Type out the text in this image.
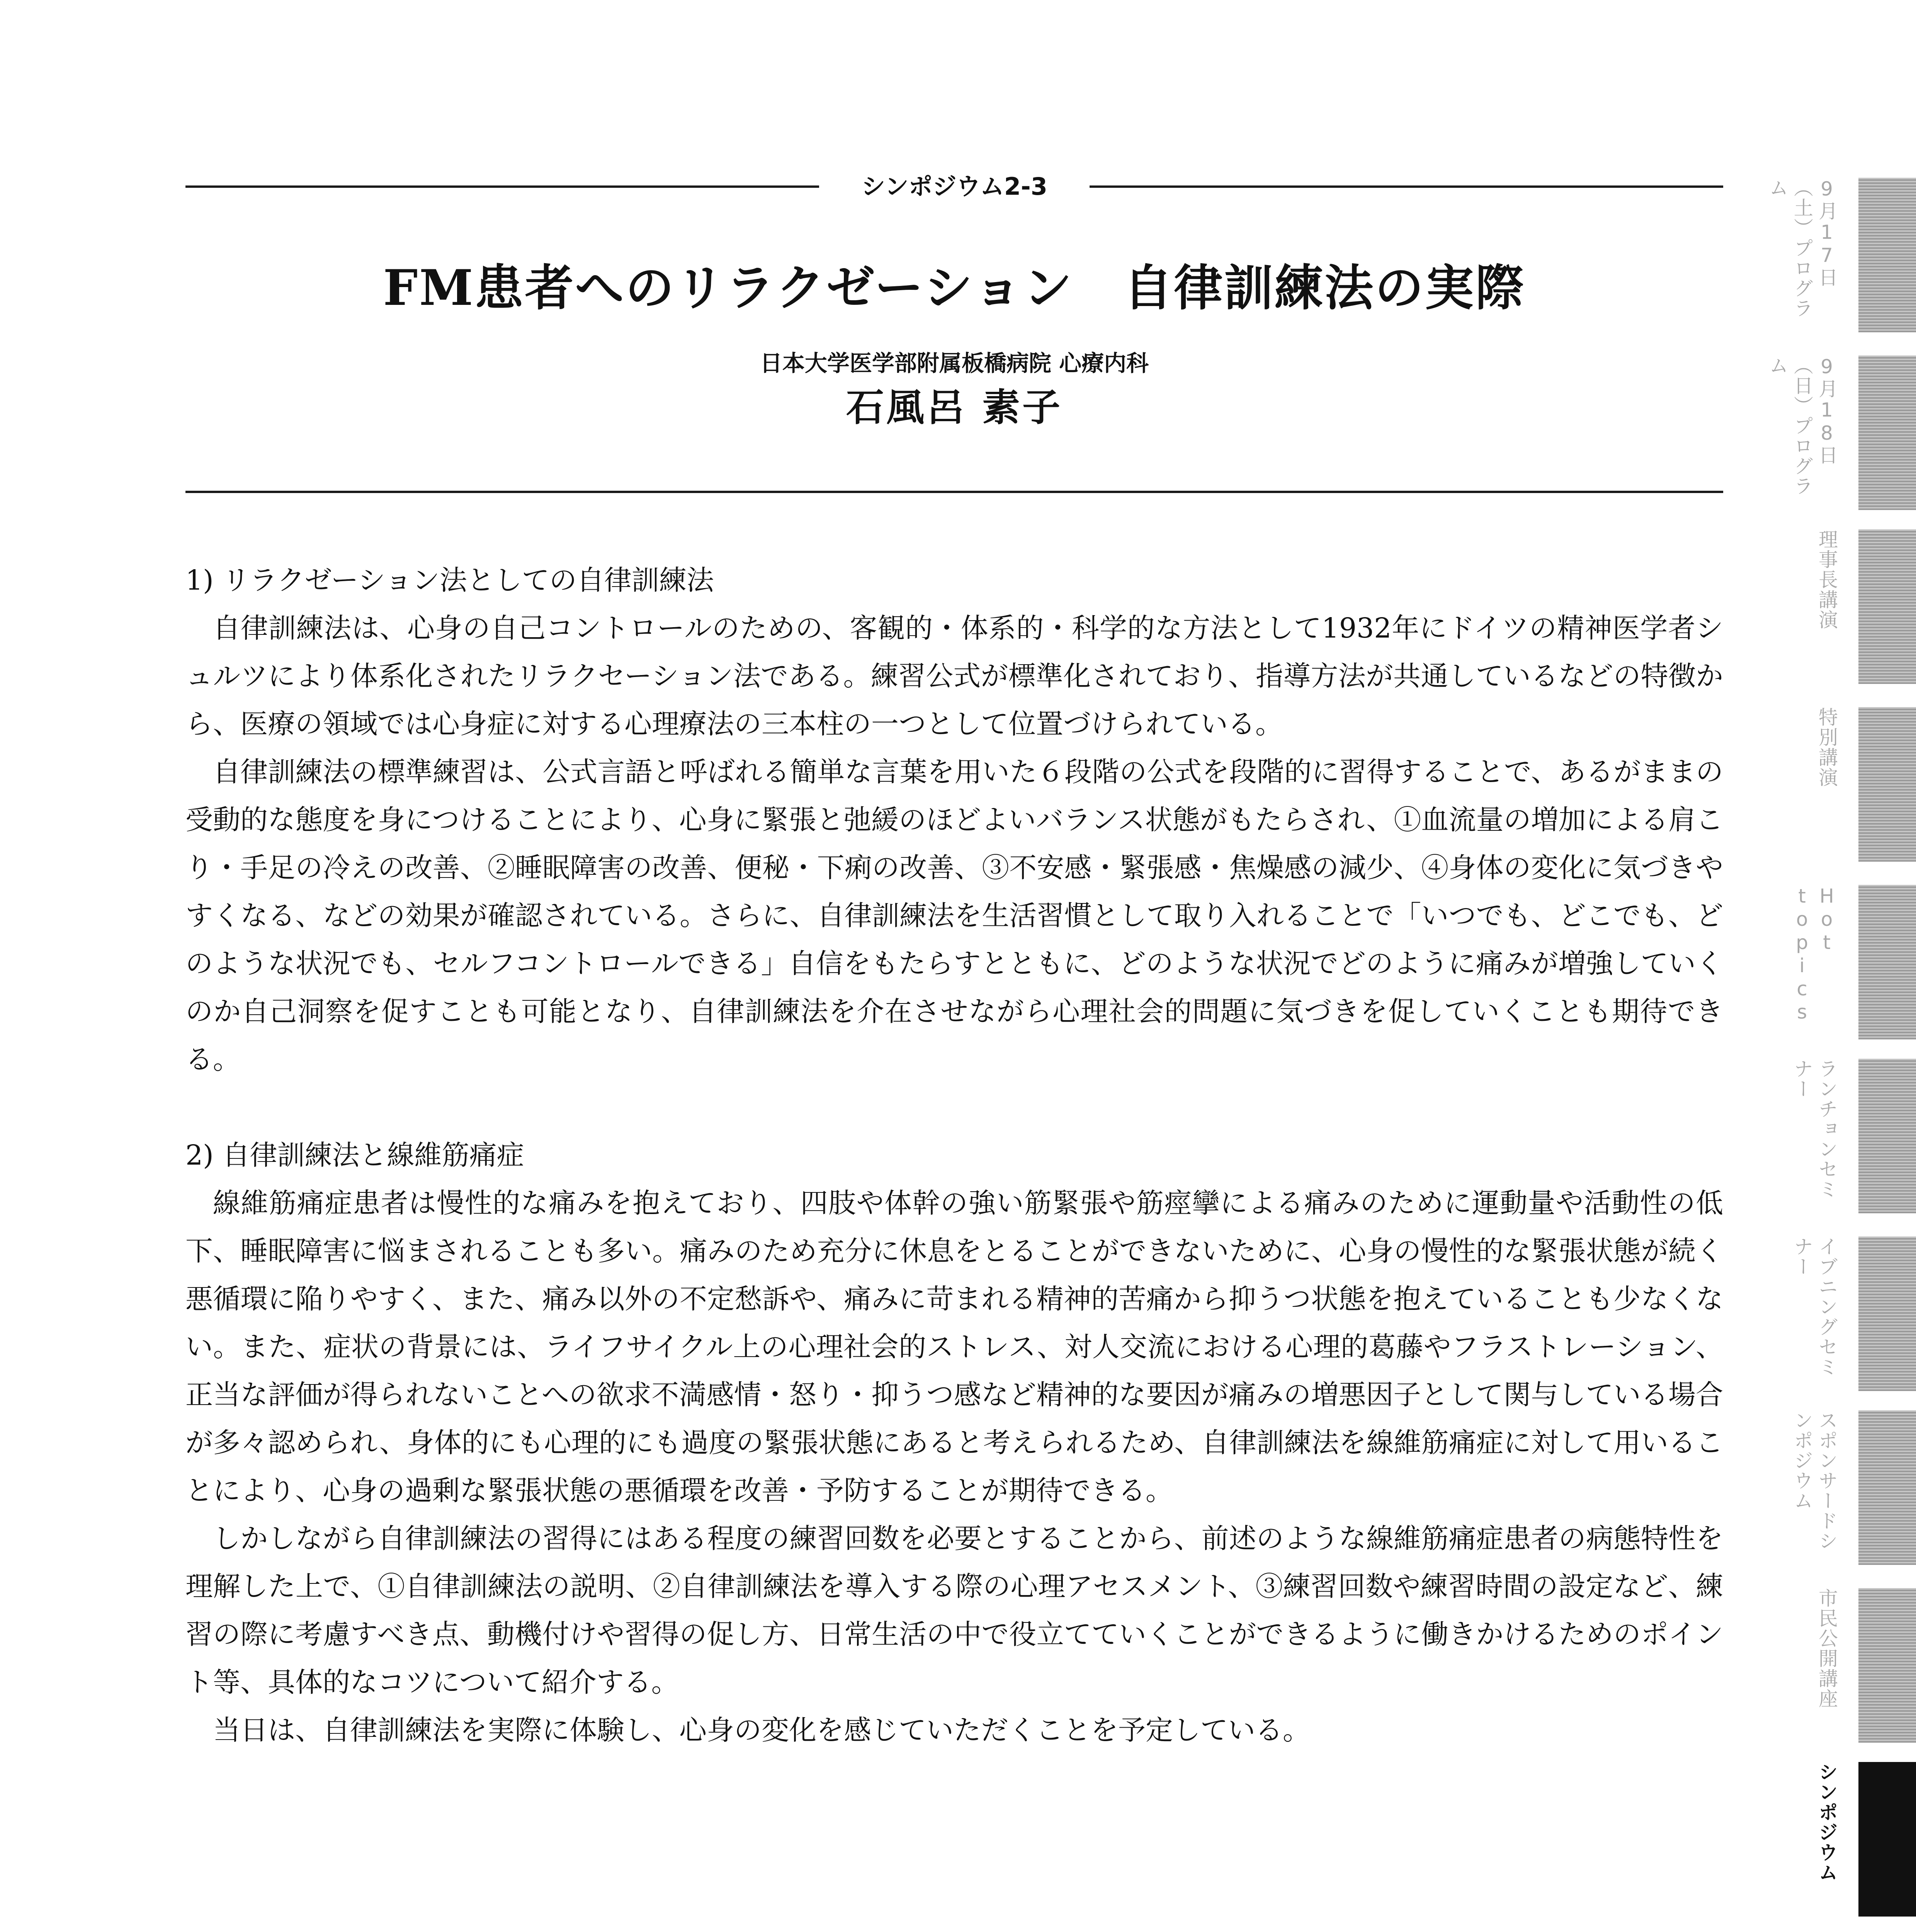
シンポジウム2-3
FM患者へのリラクゼーション　自律訓練法の実際
日本大学医学部附属板橋病院 心療内科
石風呂 素子
1) リラクゼーション法としての自律訓練法

自律訓練法は、心身の自己コントロールのための、客観的・体系的・科学的な方法として1932年にドイツの精神医学者シュルツにより体系化されたリラクセーション法である。練習公式が標準化されており、指導方法が共通しているなどの特徴から、医療の領域では心身症に対する心理療法の三本柱の一つとして位置づけられている。

自律訓練法の標準練習は、公式言語と呼ばれる簡単な言葉を用いた６段階の公式を段階的に習得することで、あるがままの受動的な態度を身につけることにより、心身に緊張と弛緩のほどよいバランス状態がもたらされ、①血流量の増加による肩こり・手足の冷えの改善、②睡眠障害の改善、便秘・下痢の改善、③不安感・緊張感・焦燥感の減少、④身体の変化に気づきやすくなる、などの効果が確認されている。さらに、自律訓練法を生活習慣として取り入れることで「いつでも、どこでも、どのような状況でも、セルフコントロールできる」自信をもたらすとともに、どのような状況でどのように痛みが増強していくのか自己洞察を促すことも可能となり、自律訓練法を介在させながら心理社会的問題に気づきを促していくことも期待できる。

2) 自律訓練法と線維筋痛症

線維筋痛症患者は慢性的な痛みを抱えており、四肢や体幹の強い筋緊張や筋痙攣による痛みのために運動量や活動性の低下、睡眠障害に悩まされることも多い。痛みのため充分に休息をとることができないために、心身の慢性的な緊張状態が続く悪循環に陥りやすく、また、痛み以外の不定愁訴や、痛みに苛まれる精神的苦痛から抑うつ状態を抱えていることも少なくない。また、症状の背景には、ライフサイクル上の心理社会的ストレス、対人交流における心理的葛藤やフラストレーション、正当な評価が得られないことへの欲求不満感情・怒り・抑うつ感など精神的な要因が痛みの増悪因子として関与している場合が多々認められ、身体的にも心理的にも過度の緊張状態にあると考えられるため、自律訓練法を線維筋痛症に対して用いることにより、心身の過剰な緊張状態の悪循環を改善・予防することが期待できる。

しかしながら自律訓練法の習得にはある程度の練習回数を必要とすることから、前述のような線維筋痛症患者の病態特性を理解した上で、①自律訓練法の説明、②自律訓練法を導入する際の心理アセスメント、③練習回数や練習時間の設定など、練習の際に考慮すべき点、動機付けや習得の促し方、日常生活の中で役立てていくことができるように働きかけるためのポイント等、具体的なコツについて紹介する。

当日は、自律訓練法を実際に体験し、心身の変化を感じていただくことを予定している。

9月17日（土）プログラム
9月18日（日）プログラム
理事長講演
特別講演
Hot topics
ランチョンセミナー
イブニングセミナー
スポンサードシンポジウム
市民公開講座
シンポジウム
